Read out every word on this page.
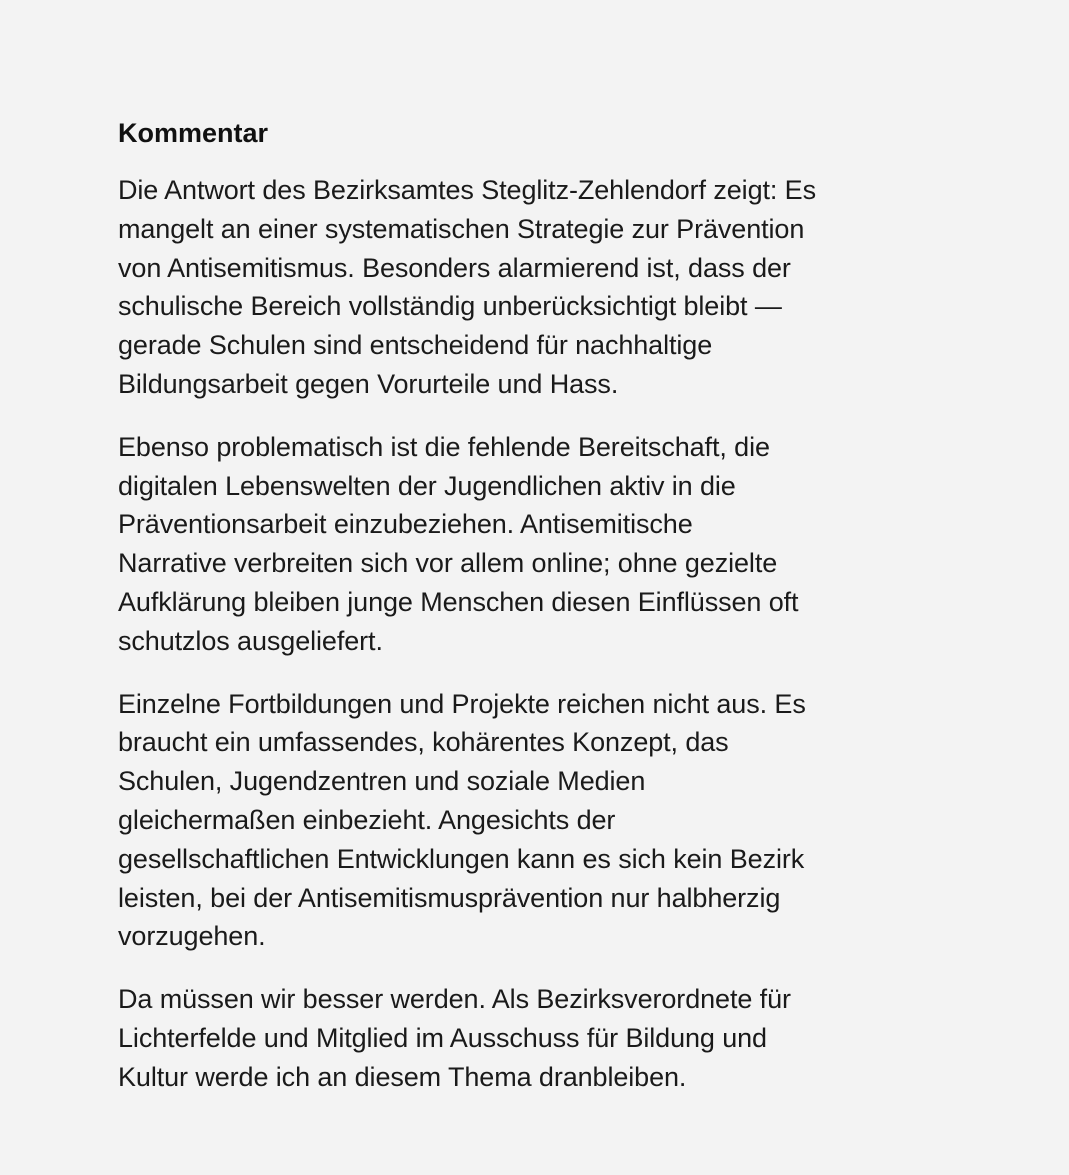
Kommentar

Die Antwort des Bezirksamtes Steglitz-Zehlendorf zeigt: Es
mangelt an einer systematischen Strategie zur Prävention
von Antisemitismus. Besonders alarmierend ist, dass der
schulische Bereich vollständig unberücksichtigt bleibt —
gerade Schulen sind entscheidend für nachhaltige
Bildungsarbeit gegen Vorurteile und Hass.

Ebenso problematisch ist die fehlende Bereitschaft, die
digitalen Lebenswelten der Jugendlichen aktiv in die
Präventionsarbeit einzubeziehen. Antisemitische
Narrative verbreiten sich vor allem online; ohne gezielte
Aufklärung bleiben junge Menschen diesen Einflüssen oft
schutzlos ausgeliefert.

Einzelne Fortbildungen und Projekte reichen nicht aus. Es
braucht ein umfassendes, kohärentes Konzept, das
Schulen, Jugendzentren und soziale Medien
gleichermaßen einbezieht. Angesichts der
gesellschaftlichen Entwicklungen kann es sich kein Bezirk
leisten, bei der Antisemitismusprävention nur halbherzig
vorzugehen.

Da müssen wir besser werden. Als Bezirksverordnete für
Lichterfelde und Mitglied im Ausschuss für Bildung und
Kultur werde ich an diesem Thema dranbleiben.
